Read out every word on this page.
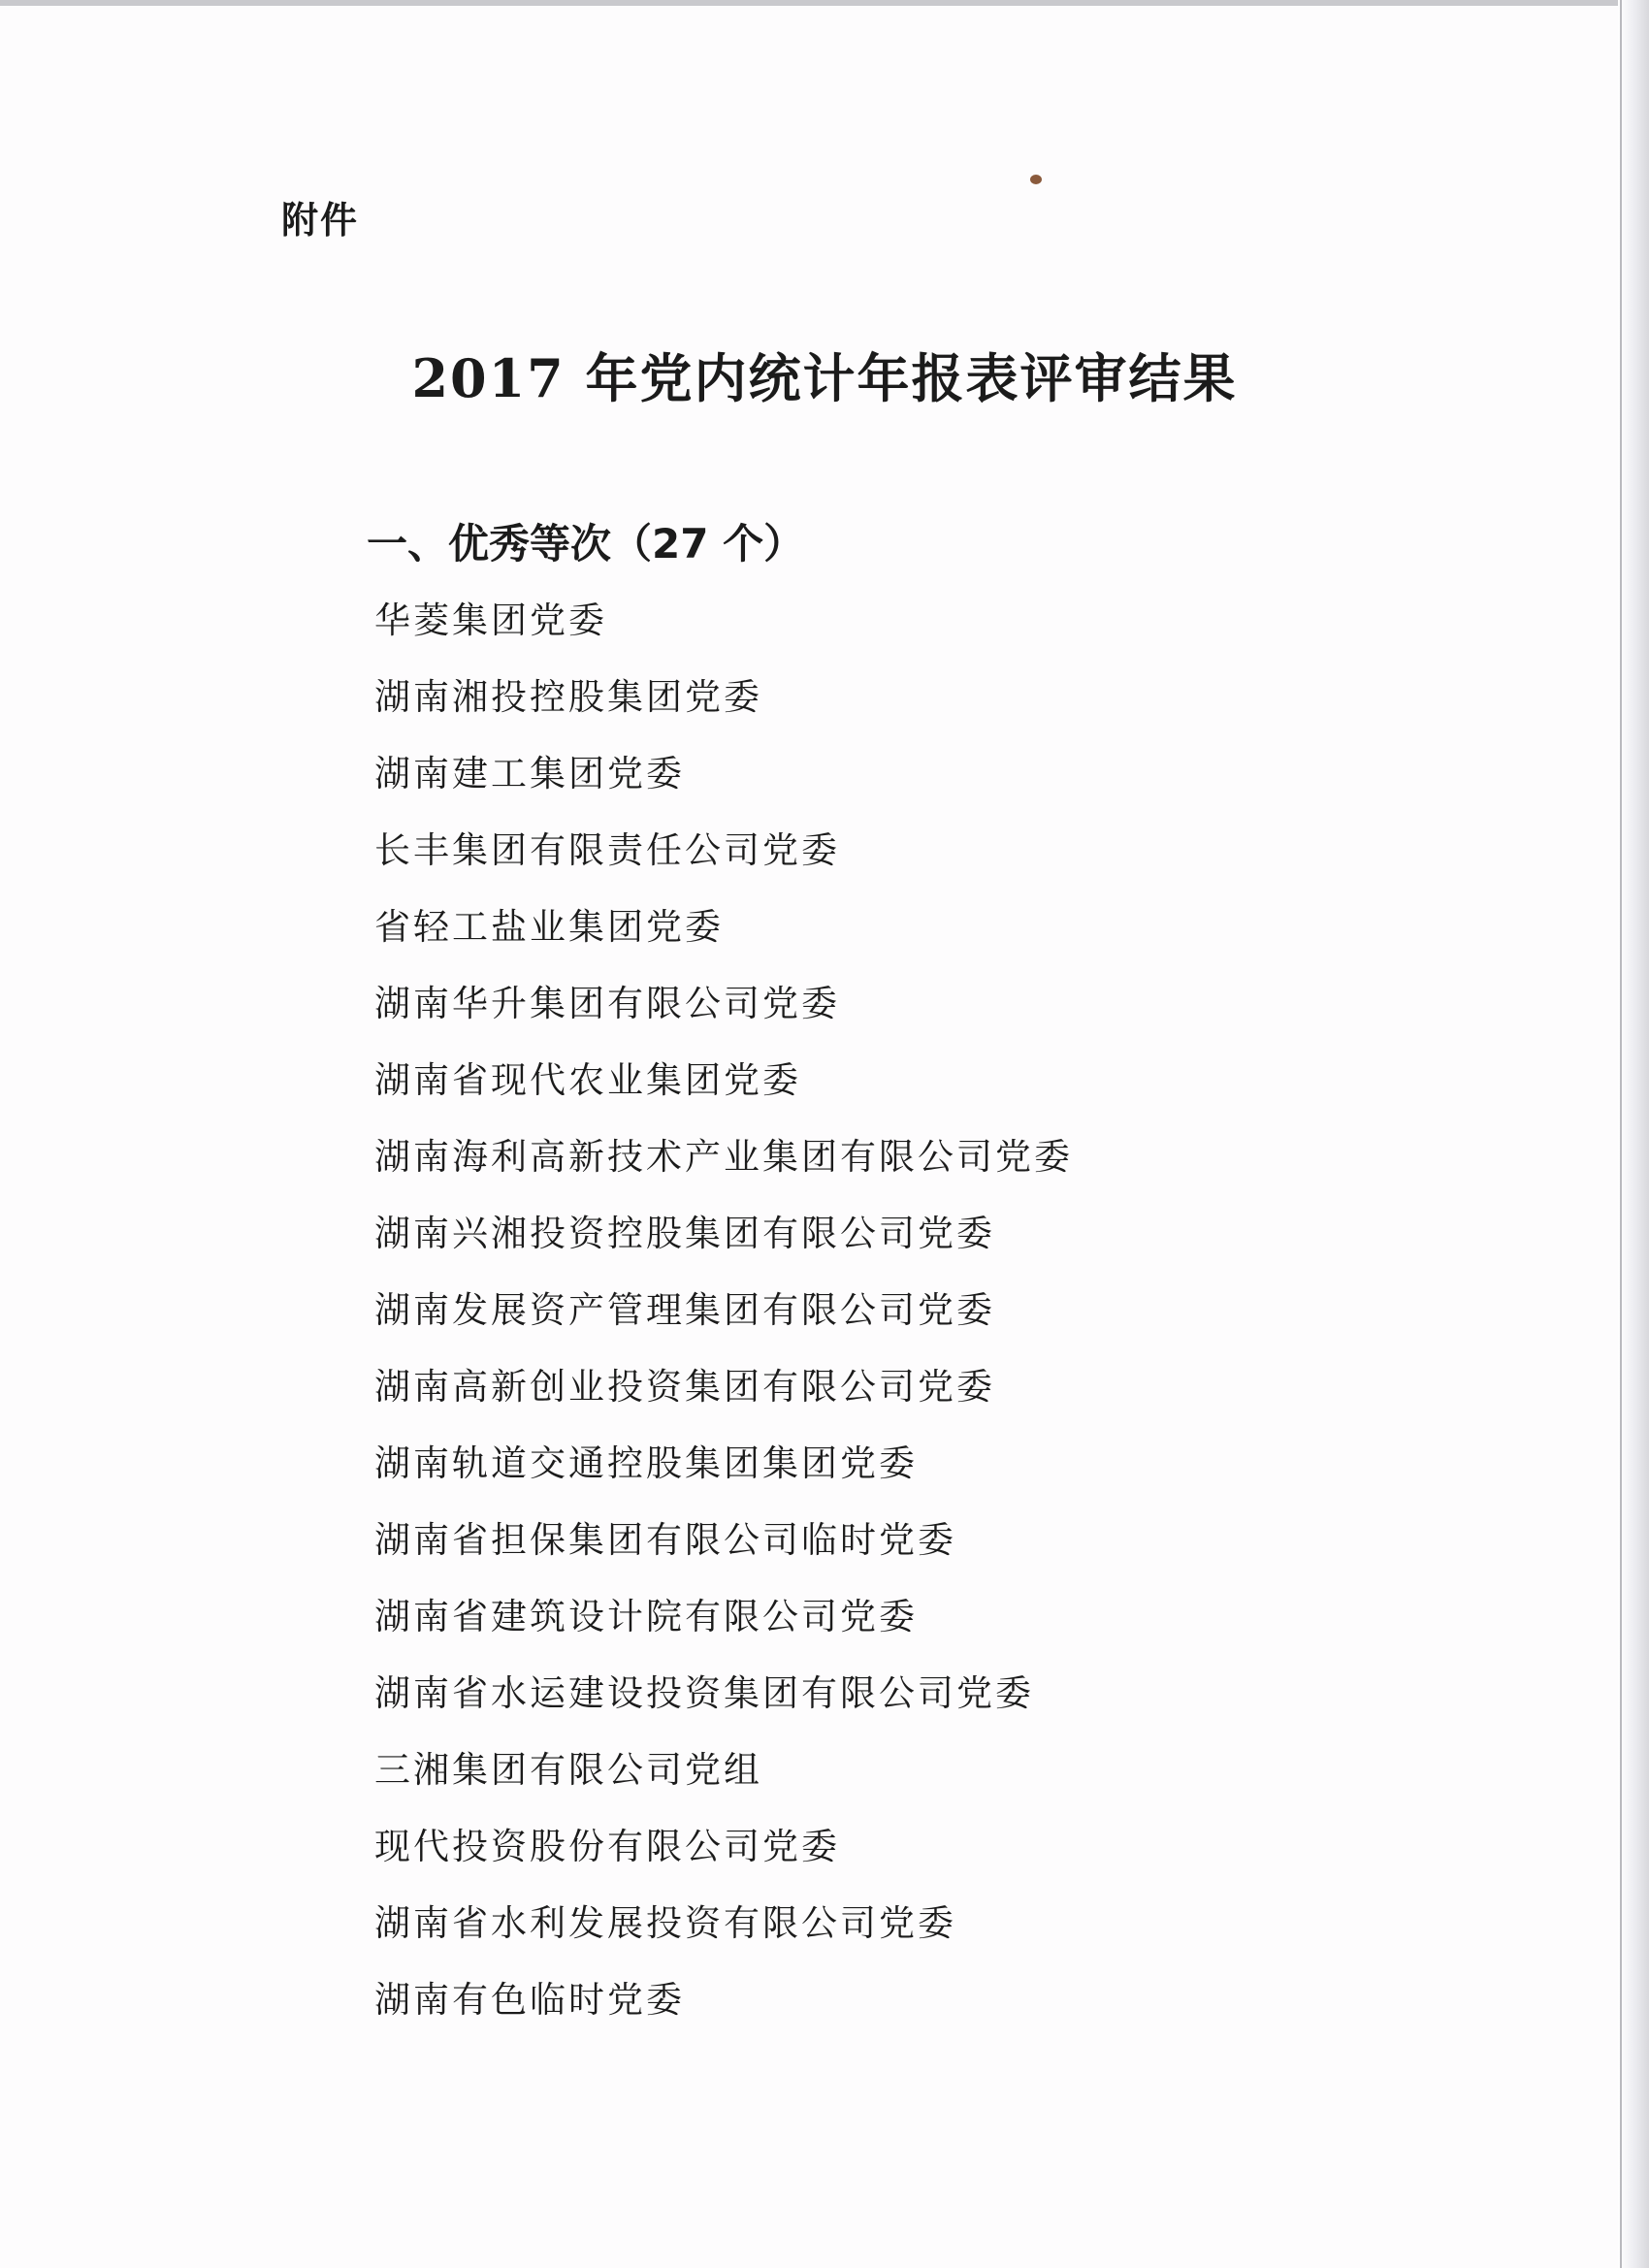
附件
2017 年党内统计年报表评审结果
一、优秀等次（27 个）
华菱集团党委
湖南湘投控股集团党委
湖南建工集团党委
长丰集团有限责任公司党委
省轻工盐业集团党委
湖南华升集团有限公司党委
湖南省现代农业集团党委
湖南海利高新技术产业集团有限公司党委
湖南兴湘投资控股集团有限公司党委
湖南发展资产管理集团有限公司党委
湖南高新创业投资集团有限公司党委
湖南轨道交通控股集团集团党委
湖南省担保集团有限公司临时党委
湖南省建筑设计院有限公司党委
湖南省水运建设投资集团有限公司党委
三湘集团有限公司党组
现代投资股份有限公司党委
湖南省水利发展投资有限公司党委
湖南有色临时党委
